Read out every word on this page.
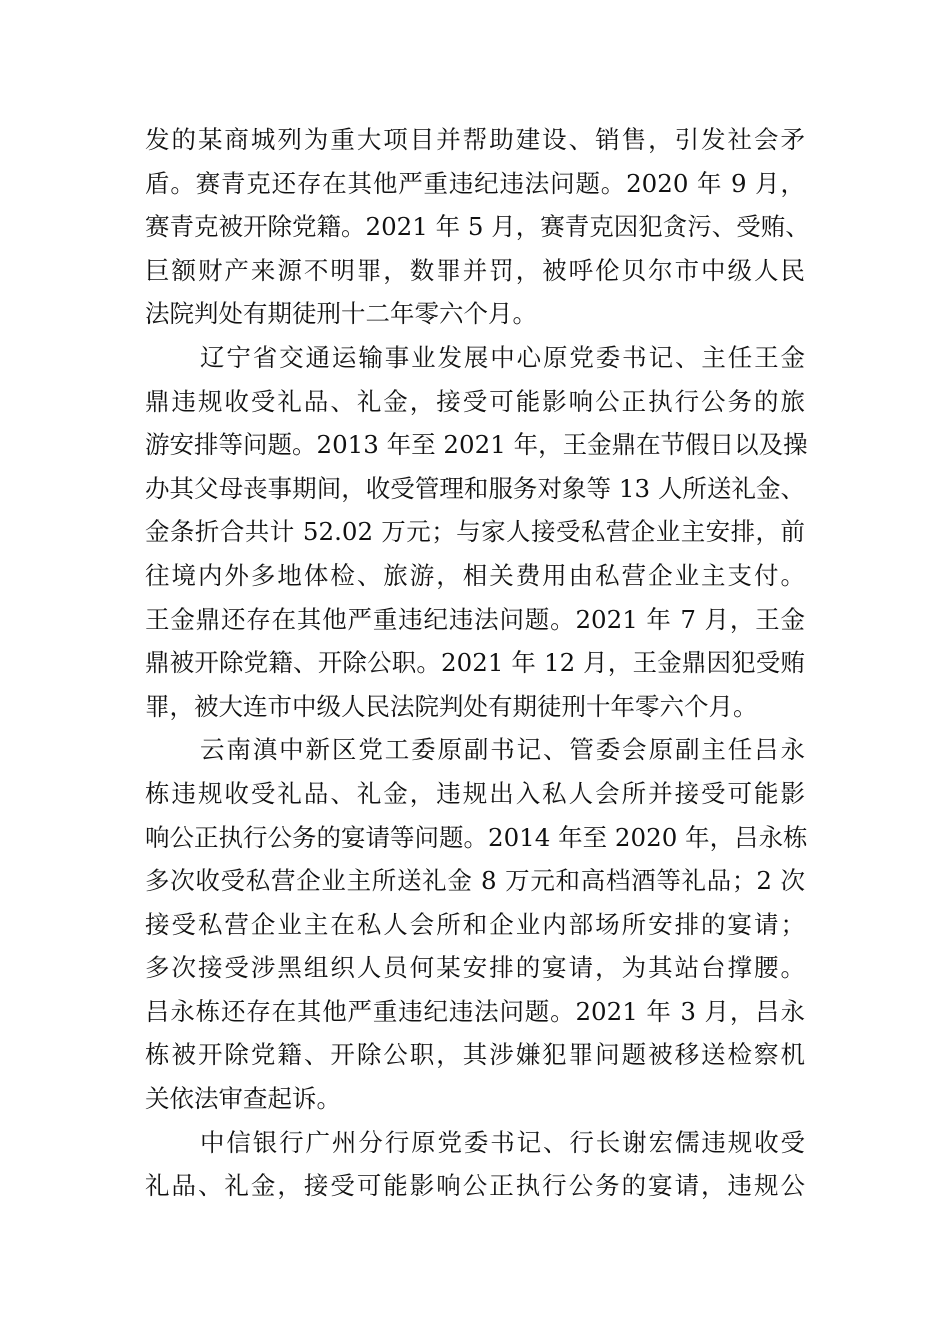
发的某商城列为重大项目并帮助建设、销售，引发社会矛
盾。赛青克还存在其他严重违纪违法问题。2020 年 9 月，
赛青克被开除党籍。2021 年 5 月，赛青克因犯贪污、受贿、
巨额财产来源不明罪，数罪并罚，被呼伦贝尔市中级人民
法院判处有期徒刑十二年零六个月。
辽宁省交通运输事业发展中心原党委书记、主任王金
鼎违规收受礼品、礼金，接受可能影响公正执行公务的旅
游安排等问题。2013 年至 2021 年，王金鼎在节假日以及操
办其父母丧事期间，收受管理和服务对象等 13 人所送礼金、
金条折合共计 52.02 万元；与家人接受私营企业主安排，前
往境内外多地体检、旅游，相关费用由私营企业主支付。
王金鼎还存在其他严重违纪违法问题。2021 年 7 月，王金
鼎被开除党籍、开除公职。2021 年 12 月，王金鼎因犯受贿
罪，被大连市中级人民法院判处有期徒刑十年零六个月。
云南滇中新区党工委原副书记、管委会原副主任吕永
栋违规收受礼品、礼金，违规出入私人会所并接受可能影
响公正执行公务的宴请等问题。2014 年至 2020 年，吕永栋
多次收受私营企业主所送礼金 8 万元和高档酒等礼品；2 次
接受私营企业主在私人会所和企业内部场所安排的宴请；
多次接受涉黑组织人员何某安排的宴请，为其站台撑腰。
吕永栋还存在其他严重违纪违法问题。2021 年 3 月，吕永
栋被开除党籍、开除公职，其涉嫌犯罪问题被移送检察机
关依法审查起诉。
中信银行广州分行原党委书记、行长谢宏儒违规收受
礼品、礼金，接受可能影响公正执行公务的宴请，违规公
